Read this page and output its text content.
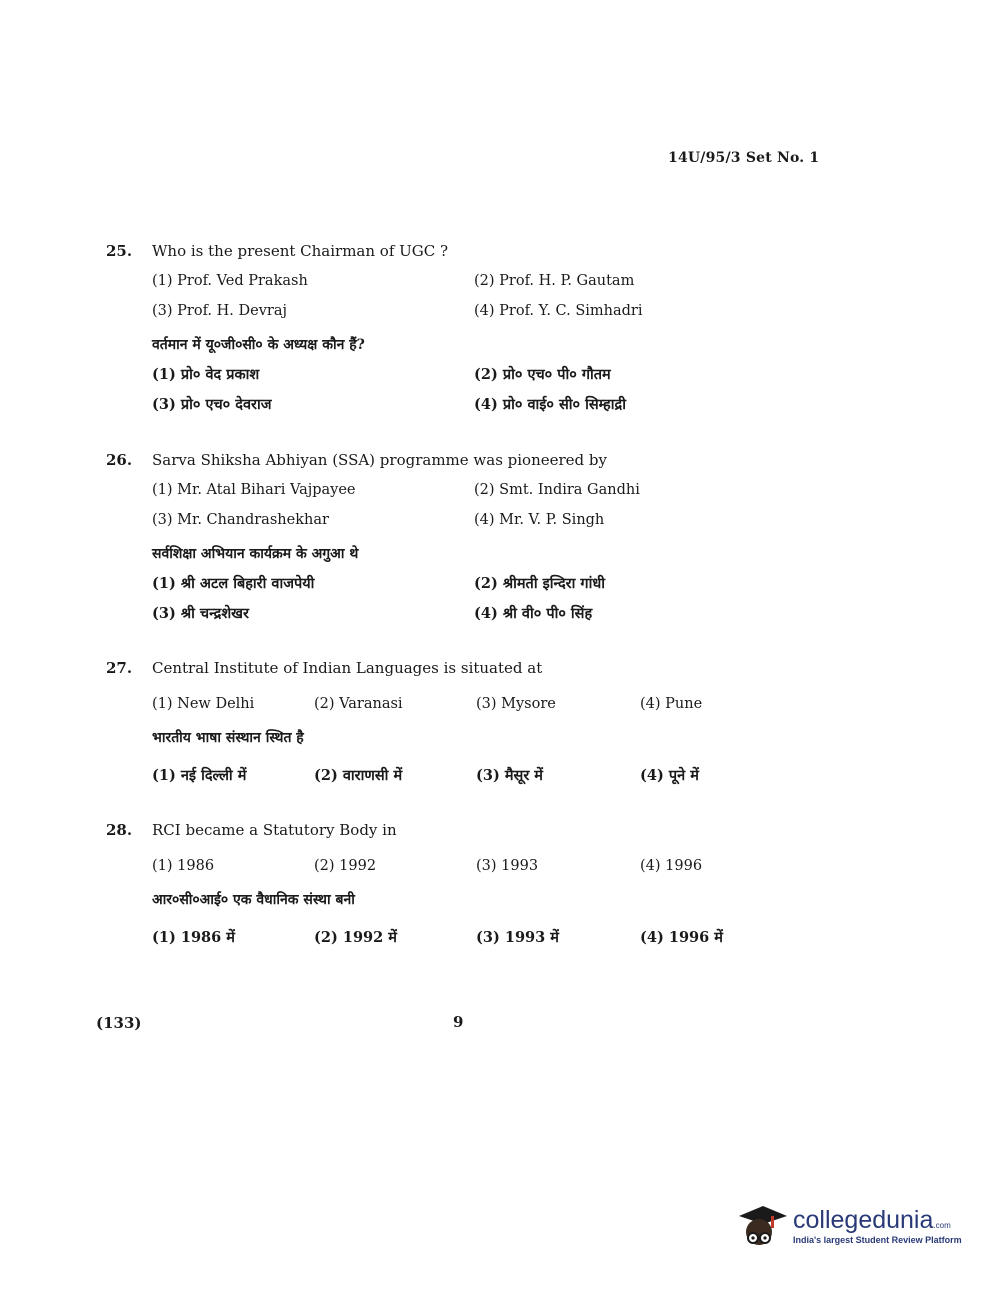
14U/95/3 Set No. 1
25.	Who is the present Chairman of UGC ?
(1) Prof. Ved Prakash	(2) Prof. H. P. Gautam
(3) Prof. H. Devraj	(4) Prof. Y. C. Simhadri
वर्तमान में यू०जी०सी० के अध्यक्ष कौन हैं?
(1) प्रो० वेद प्रकाश	(2) प्रो० एच० पी० गौतम
(3) प्रो० एच० देवराज	(4) प्रो० वाई० सी० सिम्हाद्री
26.	Sarva Shiksha Abhiyan (SSA) programme was pioneered by
(1) Mr. Atal Bihari Vajpayee	(2) Smt. Indira Gandhi
(3) Mr. Chandrashekhar	(4) Mr. V. P. Singh
सर्वशिक्षा अभियान कार्यक्रम के अगुआ थे
(1) श्री अटल बिहारी वाजपेयी	(2) श्रीमती इन्दिरा गांधी
(3) श्री चन्द्रशेखर	(4) श्री वी० पी० सिंह
27.	Central Institute of Indian Languages is situated at
(1) New Delhi	(2) Varanasi	(3) Mysore	(4) Pune
भारतीय भाषा संस्थान स्थित है
(1) नई दिल्ली में	(2) वाराणसी में	(3) मैसूर में	(4) पूने में
28.	RCI became a Statutory Body in
(1) 1986	(2) 1992	(3) 1993	(4) 1996
आर०सी०आई० एक वैधानिक संस्था बनी
(1) 1986 में	(2) 1992 में	(3) 1993 में	(4) 1996 में
(133)	9
collegedunia.com
India's largest Student Review Platform
